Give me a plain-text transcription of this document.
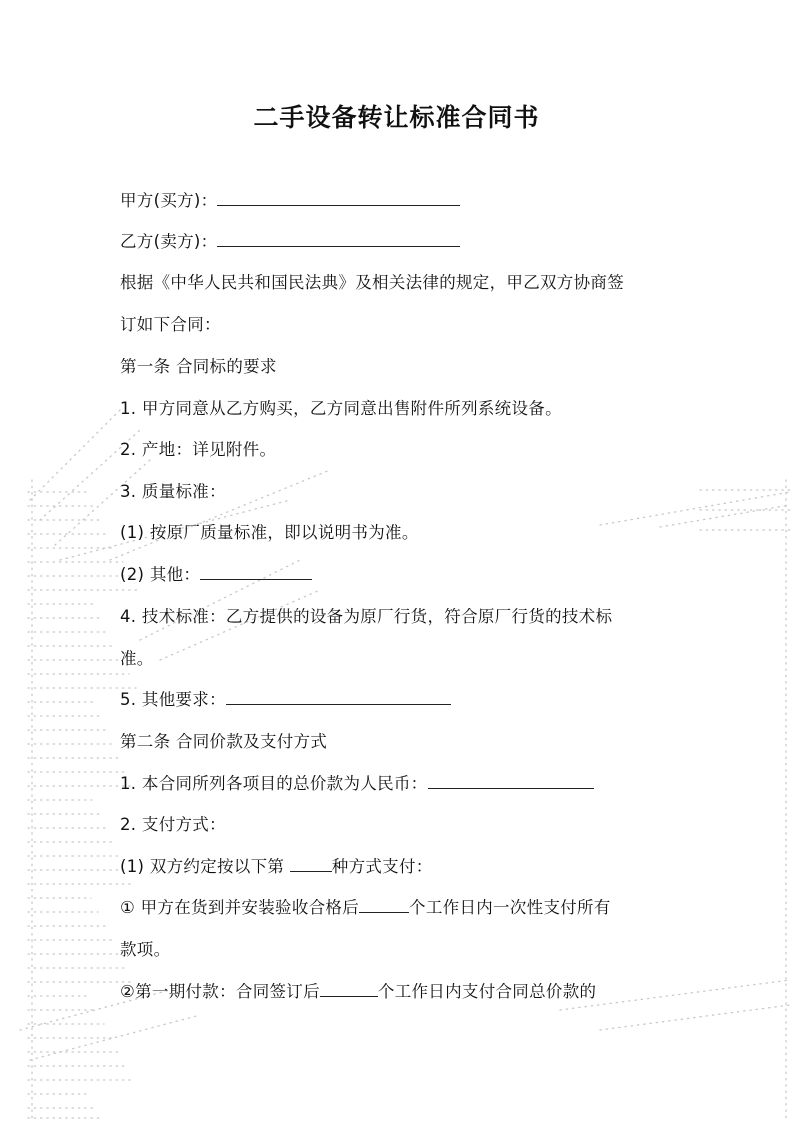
二手设备转让标准合同书
甲方(买方)：
乙方(卖方)：
根据《中华人民共和国民法典》及相关法律的规定，甲乙双方协商签
订如下合同：
第一条 合同标的要求
1. 甲方同意从乙方购买，乙方同意出售附件所列系统设备。
2. 产地：详见附件。
3. 质量标准：
(1) 按原厂质量标准，即以说明书为准。
(2) 其他：
4. 技术标准：乙方提供的设备为原厂行货，符合原厂行货的技术标
准。
5. 其他要求：
第二条 合同价款及支付方式
1. 本合同所列各项目的总价款为人民币：
2. 支付方式：
(1) 双方约定按以下第	种方式支付：
① 甲方在货到并安装验收合格后	个工作日内一次性支付所有
款项。
②第一期付款：合同签订后	个工作日内支付合同总价款的
